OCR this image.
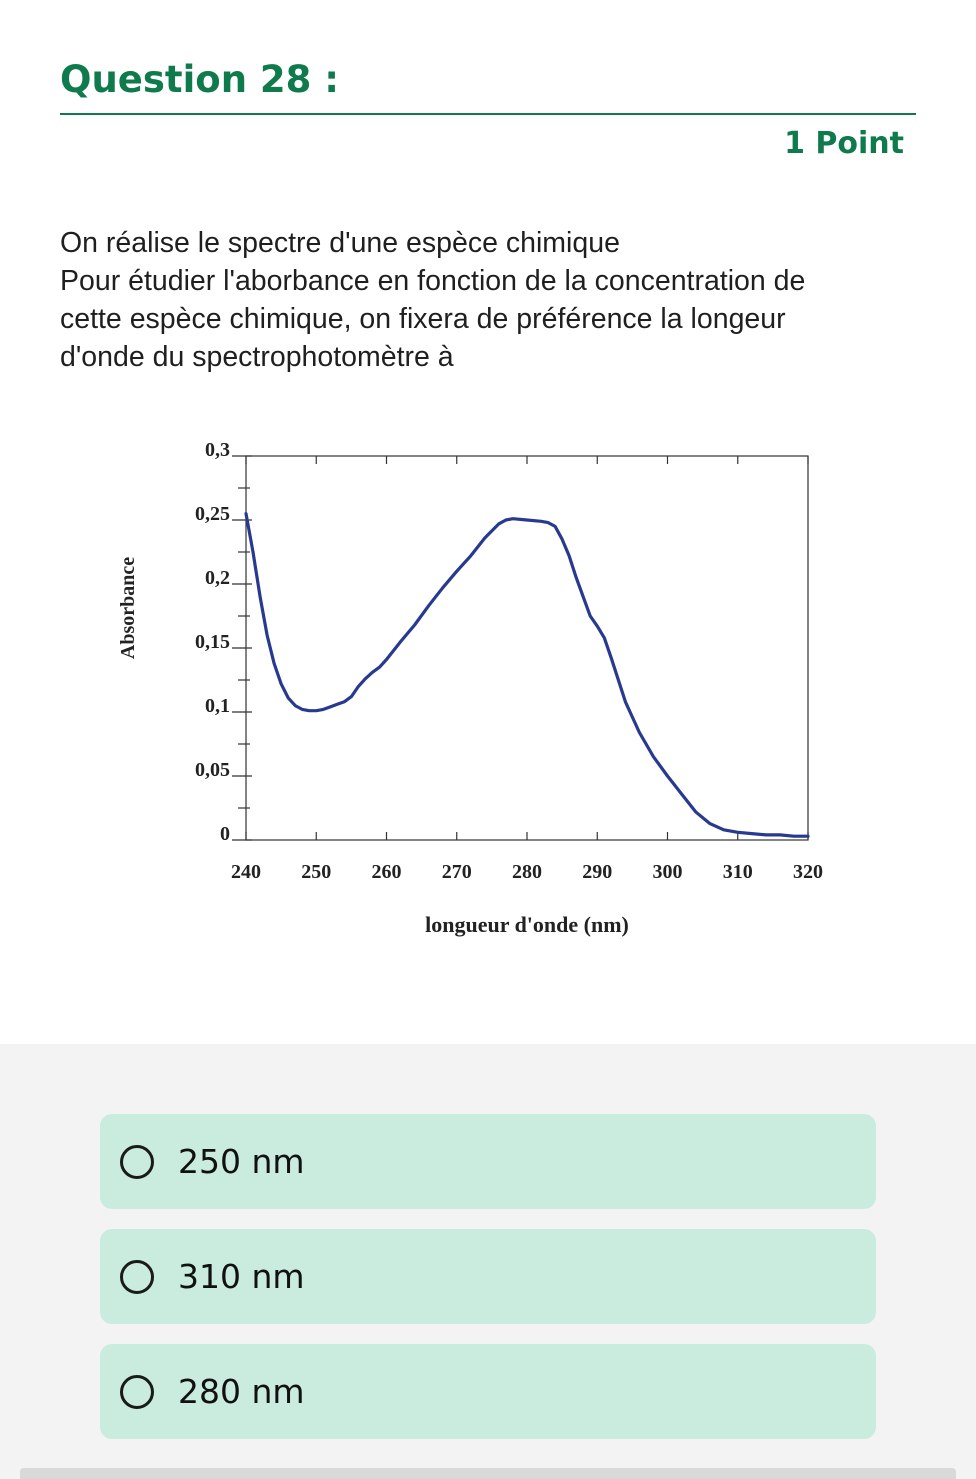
Question 28 :
1 Point
On réalise le spectre d'une espèce chimique
Pour étudier l'aborbance en fonction de la concentration de
cette espèce chimique, on fixera de préférence la longeur
d'onde du spectrophotomètre à
240 250 260 270 280 290 300 310 320
0
0,05
0,1
0,15
0,2
0,25
0,3
longueur d'onde (nm)
Absorbance
250 nm
310 nm
280 nm
